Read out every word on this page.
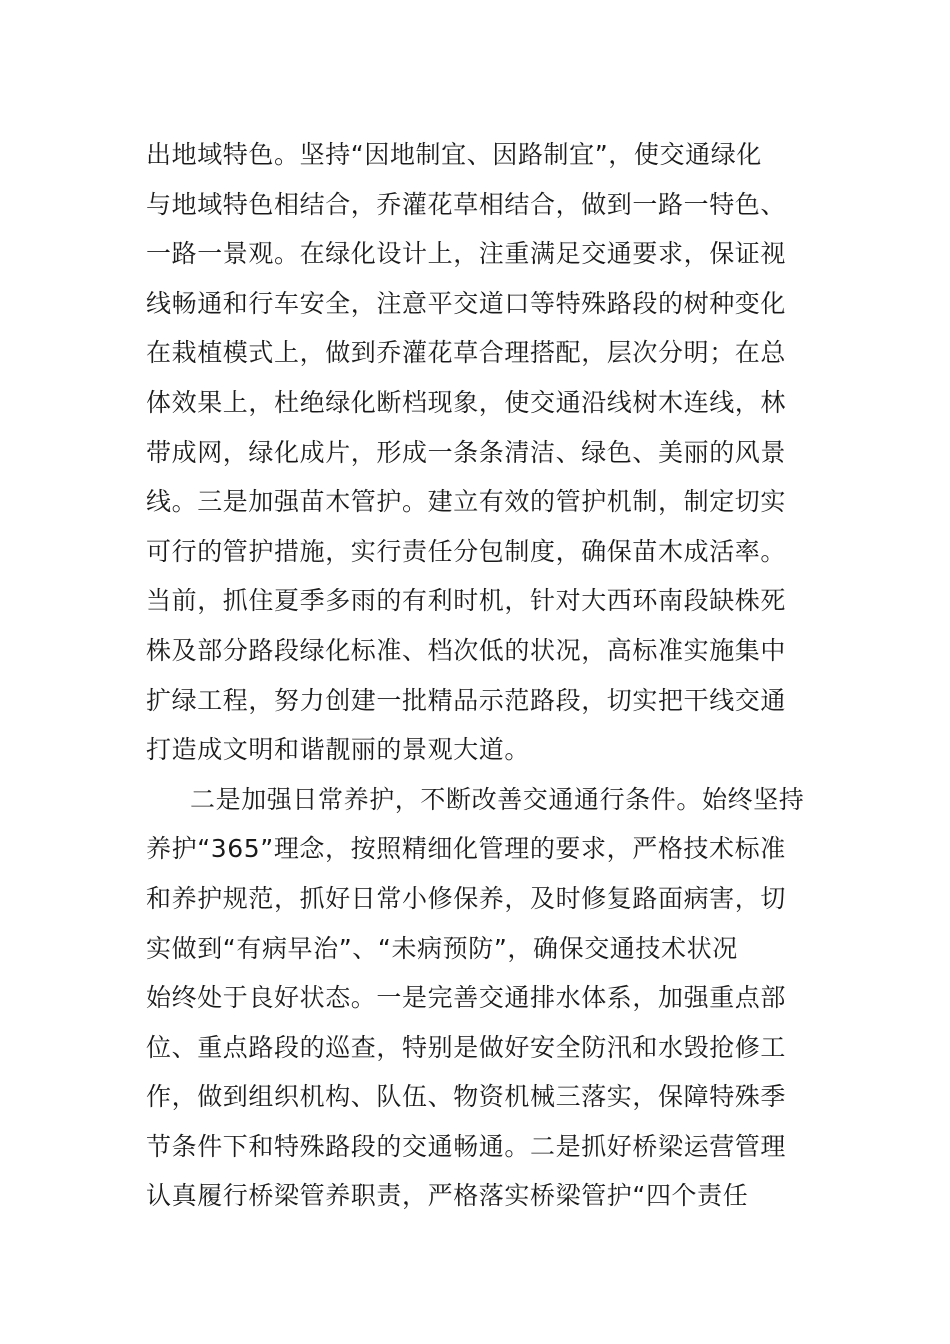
出地域特色。坚持“因地制宜、因路制宜”，使交通绿化
与地域特色相结合，乔灌花草相结合，做到一路一特色、
一路一景观。在绿化设计上，注重满足交通要求，保证视
线畅通和行车安全，注意平交道口等特殊路段的树种变化
在栽植模式上，做到乔灌花草合理搭配，层次分明；在总
体效果上，杜绝绿化断档现象，使交通沿线树木连线，林
带成网，绿化成片，形成一条条清洁、绿色、美丽的风景
线。三是加强苗木管护。建立有效的管护机制，制定切实
可行的管护措施，实行责任分包制度，确保苗木成活率。
当前，抓住夏季多雨的有利时机，针对大西环南段缺株死
株及部分路段绿化标准、档次低的状况，高标准实施集中
扩绿工程，努力创建一批精品示范路段，切实把干线交通
打造成文明和谐靓丽的景观大道。
二是加强日常养护，不断改善交通通行条件。始终坚持
养护“365”理念，按照精细化管理的要求，严格技术标准
和养护规范，抓好日常小修保养，及时修复路面病害，切
实做到“有病早治”、“未病预防”，确保交通技术状况
始终处于良好状态。一是完善交通排水体系，加强重点部
位、重点路段的巡查，特别是做好安全防汛和水毁抢修工
作，做到组织机构、队伍、物资机械三落实，保障特殊季
节条件下和特殊路段的交通畅通。二是抓好桥梁运营管理
认真履行桥梁管养职责，严格落实桥梁管护“四个责任
